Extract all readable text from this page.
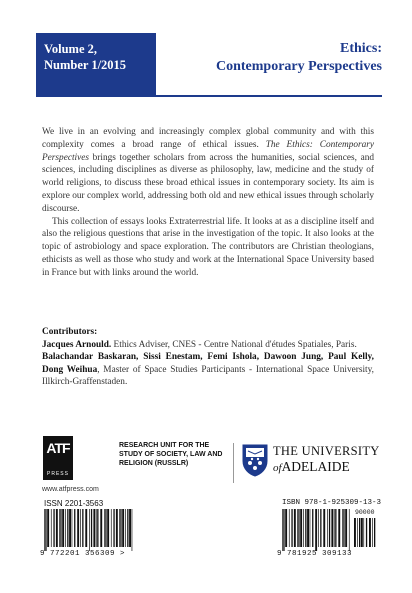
Volume 2,
Number 1/2015
Ethics:
Contemporary Perspectives

We live in an evolving and increasingly complex global community and with this complexity comes a broad range of ethical issues. The Ethics: Contemporary Perspectives brings together scholars from across the humanities, social sciences, and sciences, including disciplines as diverse as philosophy, law, medicine and the study of world religions, to discuss these broad ethical issues in contemporary society. Its aim is explore our complex world, addressing both old and new ethical issues through scholarly discourse.

This collection of essays looks Extraterrestrial life. It looks at as a discipline itself and also the religious questions that arise in the investigation of the topic. It also looks at the topic of astrobiology and space exploration. The contributors are Christian theologians, ethicists as well as those who study and work at the International Space University based in France but with links around the world.

Contributors:

Jacques Arnould. Ethics Adviser, CNES - Centre National d'études Spatiales, Paris.

Balachandar Baskaran, Sissi Enestam, Femi Ishola, Dawoon Jung, Paul Kelly, Dong Weihua, Master of Space Studies Participants - International Space University, Illkirch-Graffenstaden.

ATF
PRESS
www.atfpress.com
RESEARCH UNIT FOR THE STUDY OF SOCIETY, LAW AND RELIGION (RUSSLR)
THE UNIVERSITY
ofADELAIDE
ISSN 2201-3563
9 772201 356309 >
ISBN 978-1-925309-13-3
90000
9 781925 309133
